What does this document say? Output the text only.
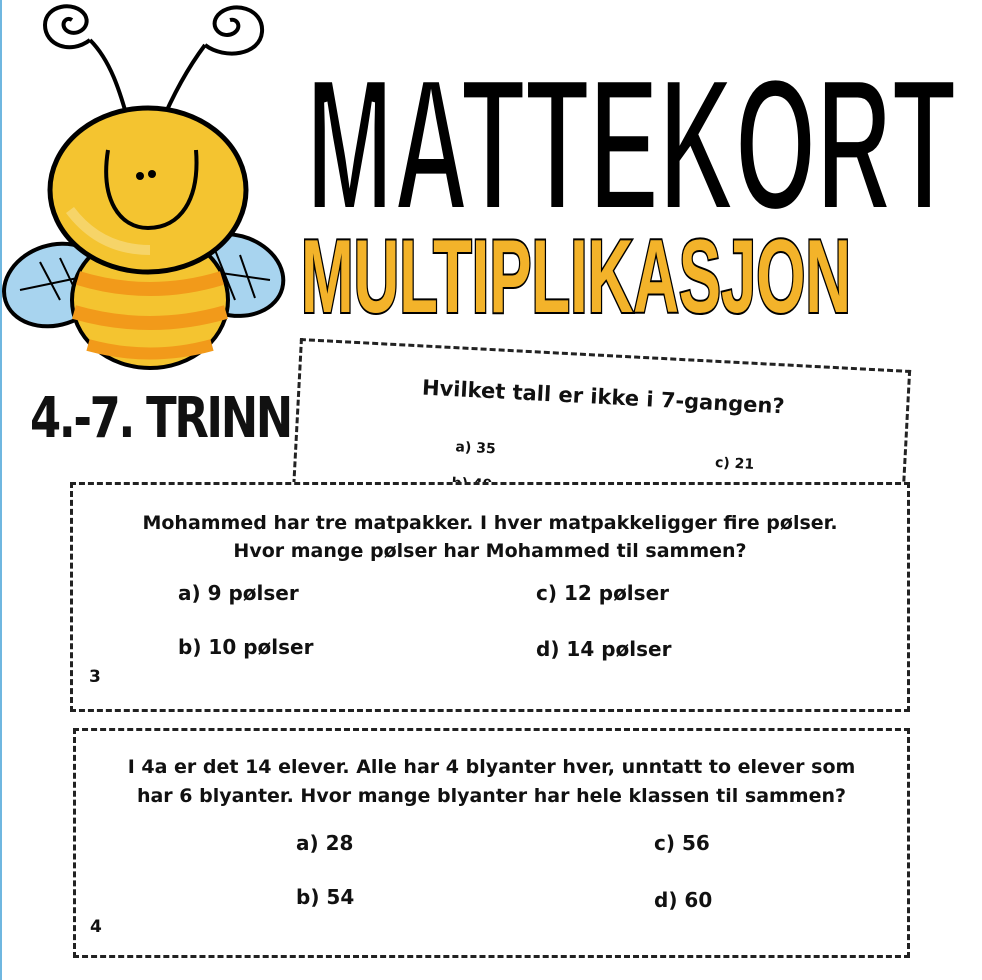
MATTEKORT
MULTIPLIKASJON
4.-7. TRINN	Hvilket tall er ikke i 7-gangen?
a) 35
c) 21
Mohammed har tre matpakker. I hver matpakkeligger fire pølser.
Hvor mange pølser har Mohammed til sammen?
a) 9 pølser	c) 12 pølser
b) 10 pølser	d) 14 pølser
3
I 4a er det 14 elever. Alle har 4 blyanter hver, unntatt to elever som
har 6 blyanter. Hvor mange blyanter har hele klassen til sammen?
a) 28	c) 56
b) 54	d) 60
4
